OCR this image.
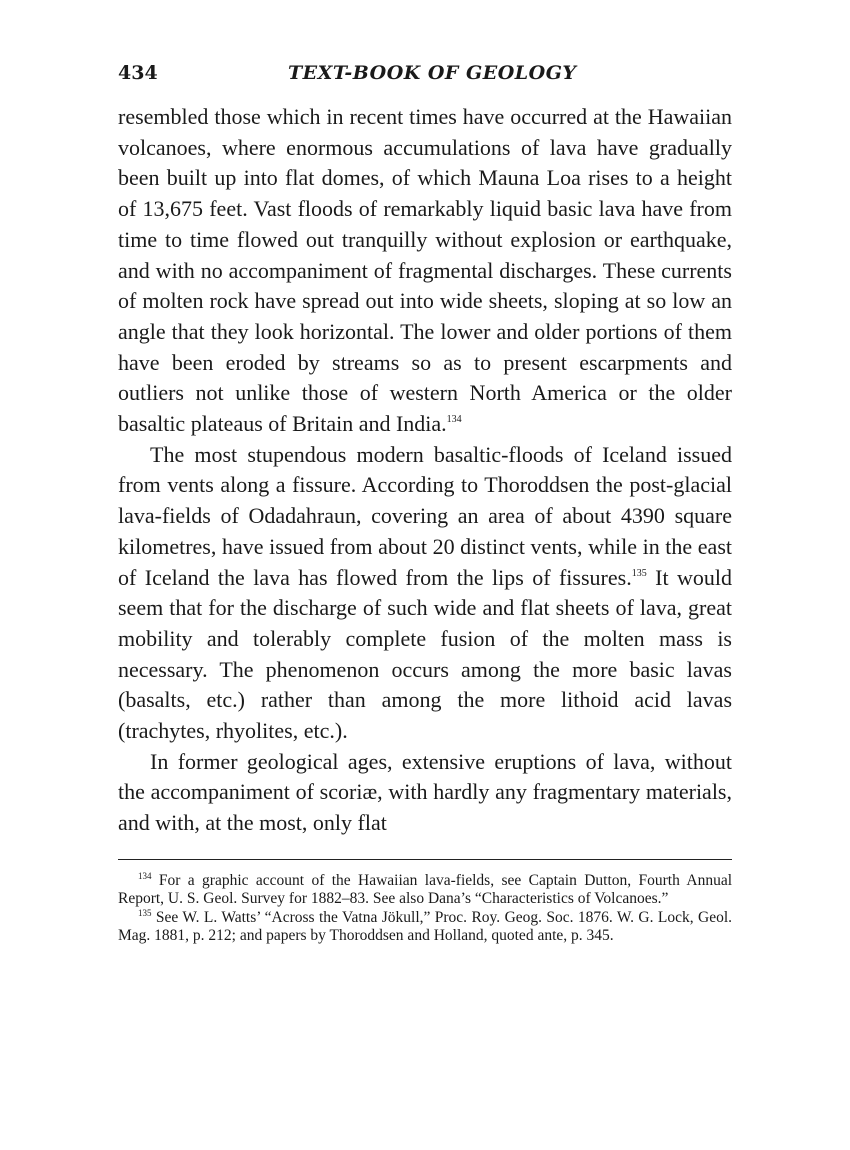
434	TEXT-BOOK OF GEOLOGY

resembled those which in recent times have occurred at the Hawaiian volcanoes, where enormous accumulations of lava have gradually been built up into flat domes, of which Mauna Loa rises to a height of 13,675 feet. Vast floods of remarkably liquid basic lava have from time to time flowed out tranquilly without explosion or earthquake, and with no accompaniment of fragmental discharges. These currents of molten rock have spread out into wide sheets, sloping at so low an angle that they look horizontal. The lower and older portions of them have been eroded by streams so as to present escarpments and outliers not unlike those of western North America or the older basaltic plateaus of Britain and India.$^{134}$

The most stupendous modern basaltic-floods of Iceland issued from vents along a fissure. According to Thoroddsen the post-glacial lava-fields of Odadahraun, covering an area of about 4390 square kilometres, have issued from about 20 distinct vents, while in the east of Iceland the lava has flowed from the lips of fissures.$^{135}$ It would seem that for the discharge of such wide and flat sheets of lava, great mobility and tolerably complete fusion of the molten mass is necessary. The phenomenon occurs among the more basic lavas (basalts, etc.) rather than among the more lithoid acid lavas (trachytes, rhyolites, etc.).

In former geological ages, extensive eruptions of lava, without the accompaniment of scoriæ, with hardly any fragmentary materials, and with, at the most, only flat

$^{134}$ For a graphic account of the Hawaiian lava-fields, see Captain Dutton, Fourth Annual Report, U. S. Geol. Survey for 1882–83. See also Dana’s “Characteristics of Volcanoes.”

$^{135}$ See W. L. Watts’ “Across the Vatna Jökull,” Proc. Roy. Geog. Soc. 1876. W. G. Lock, Geol. Mag. 1881, p. 212; and papers by Thoroddsen and Holland, quoted ante, p. 345.
